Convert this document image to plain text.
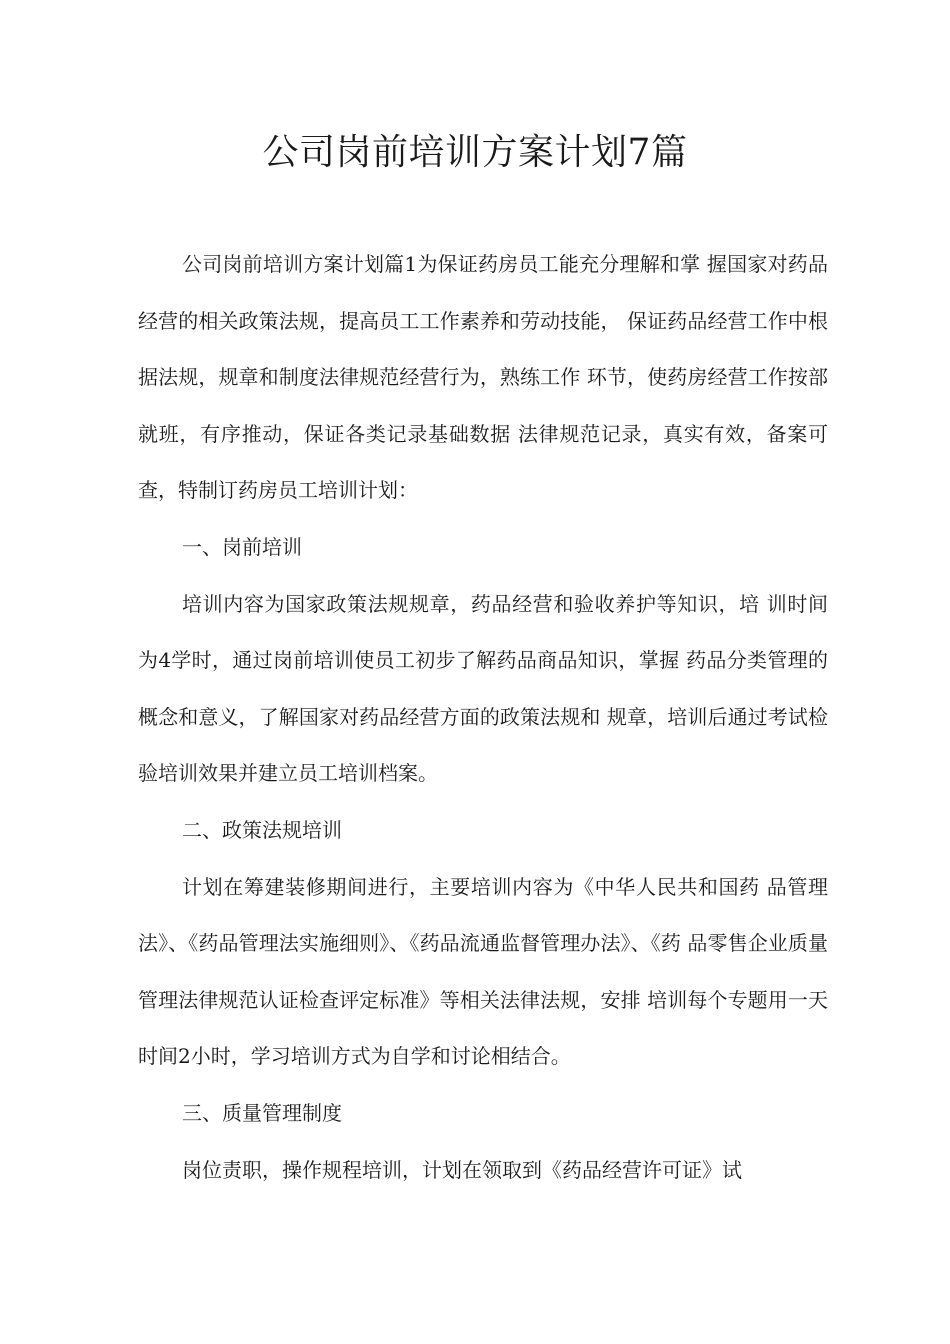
公司岗前培训方案计划7篇

公司岗前培训方案计划篇1为保证药房员工能充分理解和掌 握国家对药品经营的相关政策法规，提高员工工作素养和劳动技能， 保证药品经营工作中根据法规，规章和制度法律规范经营行为，熟练工作 环节，使药房经营工作按部就班，有序推动，保证各类记录基础数据 法律规范记录，真实有效，备案可查，特制订药房员工培训计划：

一、岗前培训

培训内容为国家政策法规规章，药品经营和验收养护等知识，培 训时间为4学时，通过岗前培训使员工初步了解药品商品知识，掌握 药品分类管理的概念和意义，了解国家对药品经营方面的政策法规和 规章，培训后通过考试检验培训效果并建立员工培训档案。

二、政策法规培训

计划在筹建装修期间进行，主要培训内容为《中华人民共和国药 品管理法》、《药品管理法实施细则》、《药品流通监督管理办法》、《药 品零售企业质量管理法律规范认证检查评定标准》等相关法律法规，安排 培训每个专题用一天时间2小时，学习培训方式为自学和讨论相结合。

三、质量管理制度

岗位责职，操作规程培训，计划在领取到《药品经营许可证》试
